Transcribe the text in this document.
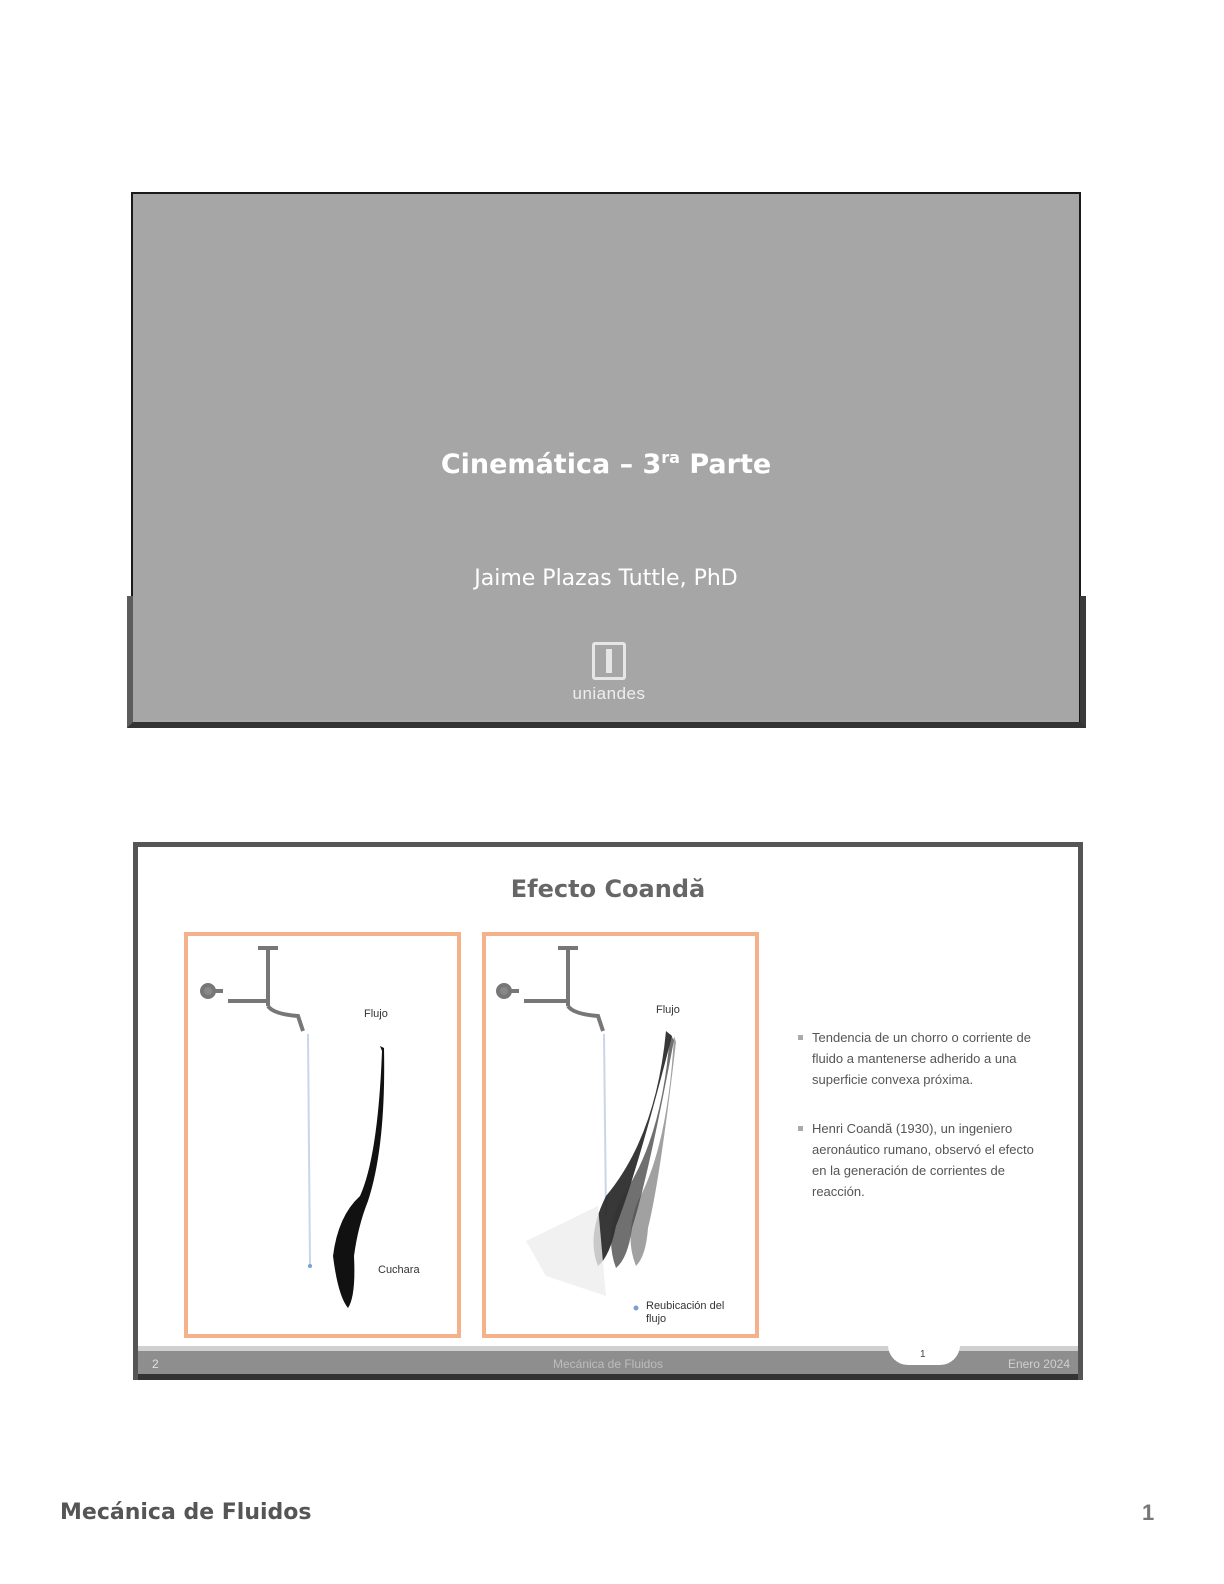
Cinemática – $3^{ra}$ Parte
Jaime Plazas Tuttle, PhD
uniandes
Efecto Coandă
Flujo
Cuchara
Flujo
Reubicación del flujo
Tendencia de un chorro o corriente de fluido a mantenerse adherido a una superficie convexa próxima.
Henri Coandă (1930), un ingeniero aeronáutico rumano, observó el efecto en la generación de corrientes de reacción.
2	Mecánica de Fluidos
1
Enero 2024
Mecánica de Fluidos	1
